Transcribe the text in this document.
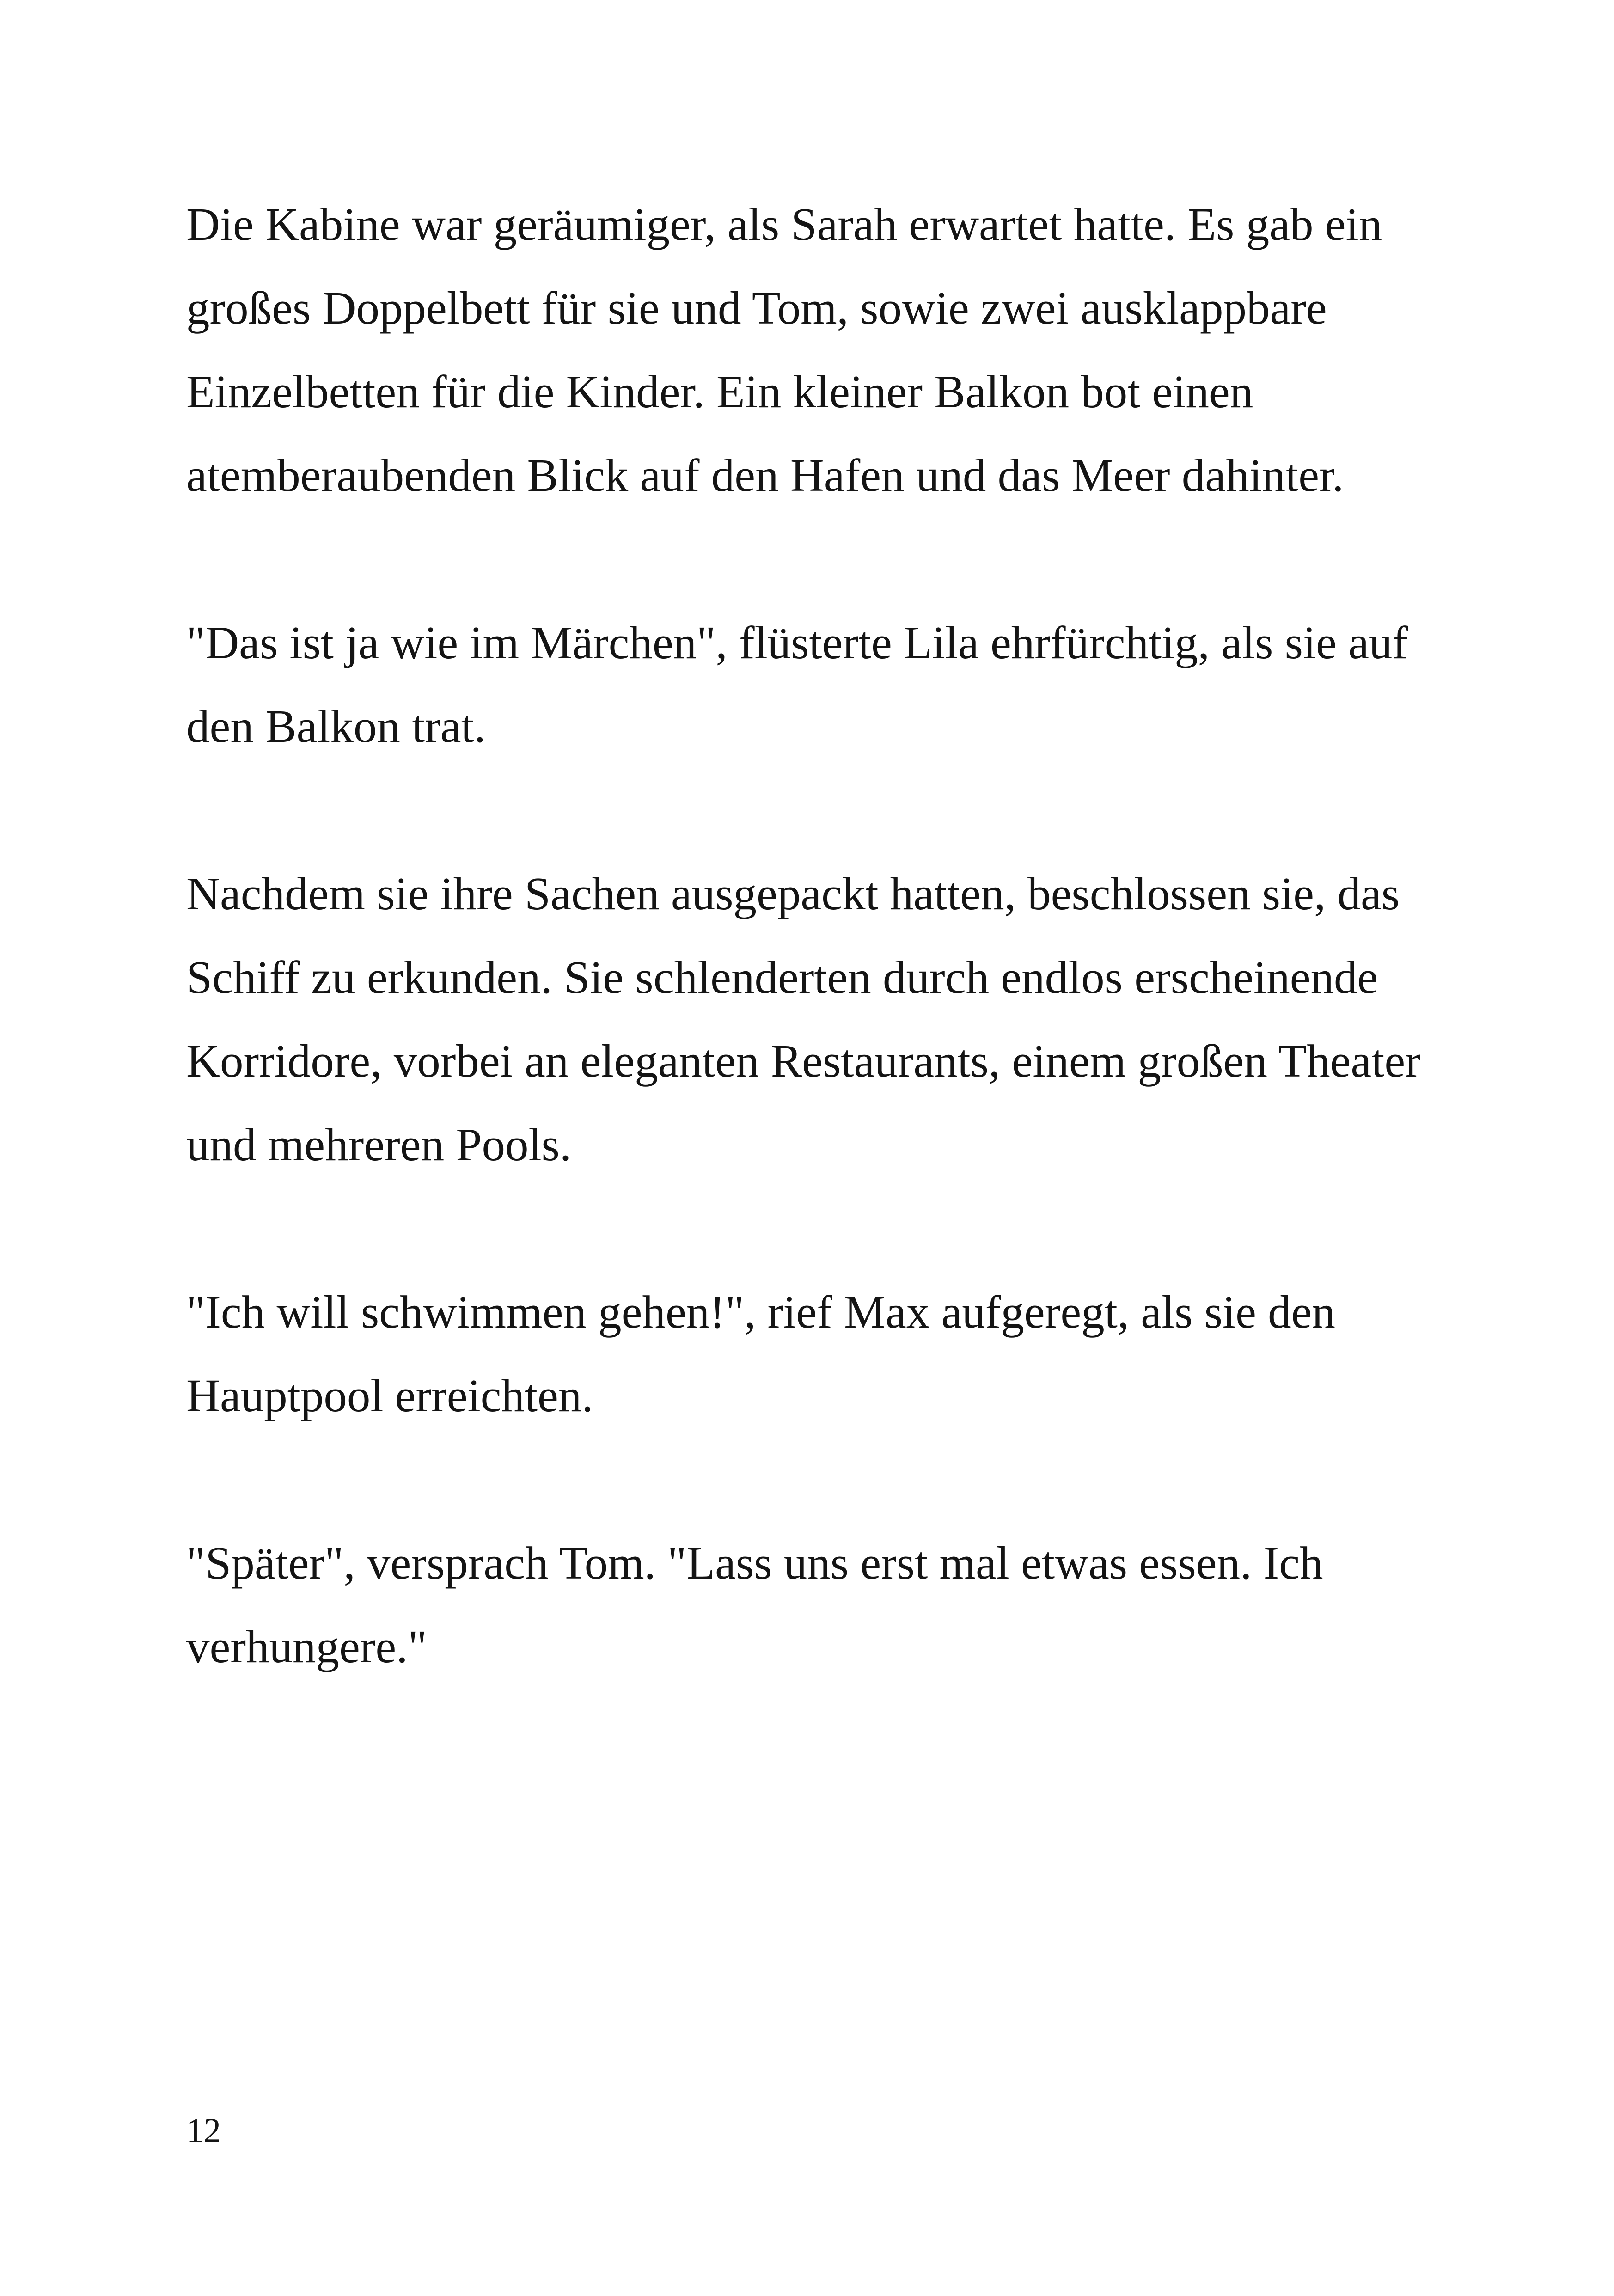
Die Kabine war geräumiger, als Sarah erwartet hatte. Es gab ein großes Doppelbett für sie und Tom, sowie zwei ausklappbare Einzelbetten für die Kinder. Ein kleiner Balkon bot einen atemberaubenden Blick auf den Hafen und das Meer dahinter.

"Das ist ja wie im Märchen", flüsterte Lila ehrfürchtig, als sie auf den Balkon trat.

Nachdem sie ihre Sachen ausgepackt hatten, beschlossen sie, das Schiff zu erkunden. Sie schlenderten durch endlos erscheinende Korridore, vorbei an eleganten Restaurants, einem großen Theater und mehreren Pools.

"Ich will schwimmen gehen!", rief Max aufgeregt, als sie den Hauptpool erreichten.

"Später", versprach Tom. "Lass uns erst mal etwas essen. Ich verhungere."

12
